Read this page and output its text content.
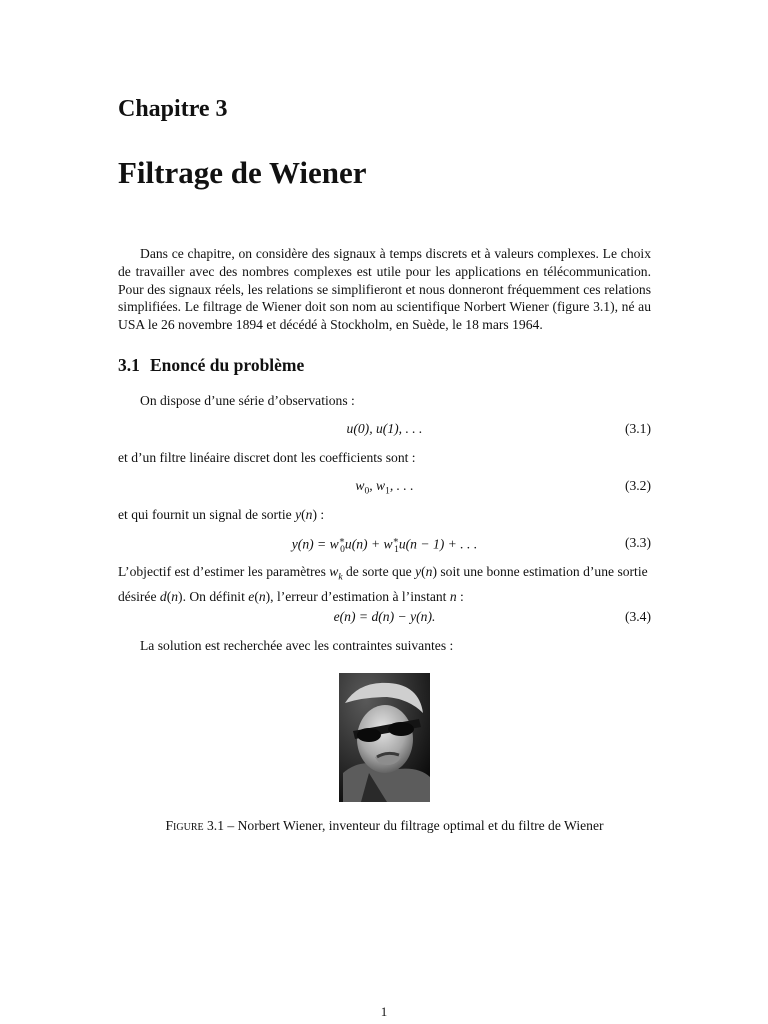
Chapitre 3
Filtrage de Wiener

Dans ce chapitre, on considère des signaux à temps discrets et à valeurs complexes. Le choix de travailler avec des nombres complexes est utile pour les applications en télécommunication. Pour des signaux réels, les relations se simplifieront et nous donneront fréquemment ces relations simplifiées. Le filtrage de Wiener doit son nom au scientifique Norbert Wiener (figure 3.1), né au USA le 26 novembre 1894 et décédé à Stockholm, en Suède, le 18 mars 1964.

3.1 Enoncé du problème

On dispose d’une série d’observations :

u(0), u(1), . . .	(3.1)

et d’un filtre linéaire discret dont les coefficients sont :

$w_0$, $w_1$, . . .	(3.2)

et qui fournit un signal de sortie y(n) :

$y(n) = w^∗_0u(n) + w^∗_1u(n - 1)$ + . . .	(3.3)

L’objectif est d’estimer les paramètres $w_k$ de sorte que y(n) soit une bonne estimation d’une sortie
désirée d(n). On définit e(n), l’erreur d’estimation à l’instant n :

e(n) = d(n) − y(n).	(3.4)

La solution est recherchée avec les contraintes suivantes :

Figure 3.1 – Norbert Wiener, inventeur du filtrage optimal et du filtre de Wiener

1
